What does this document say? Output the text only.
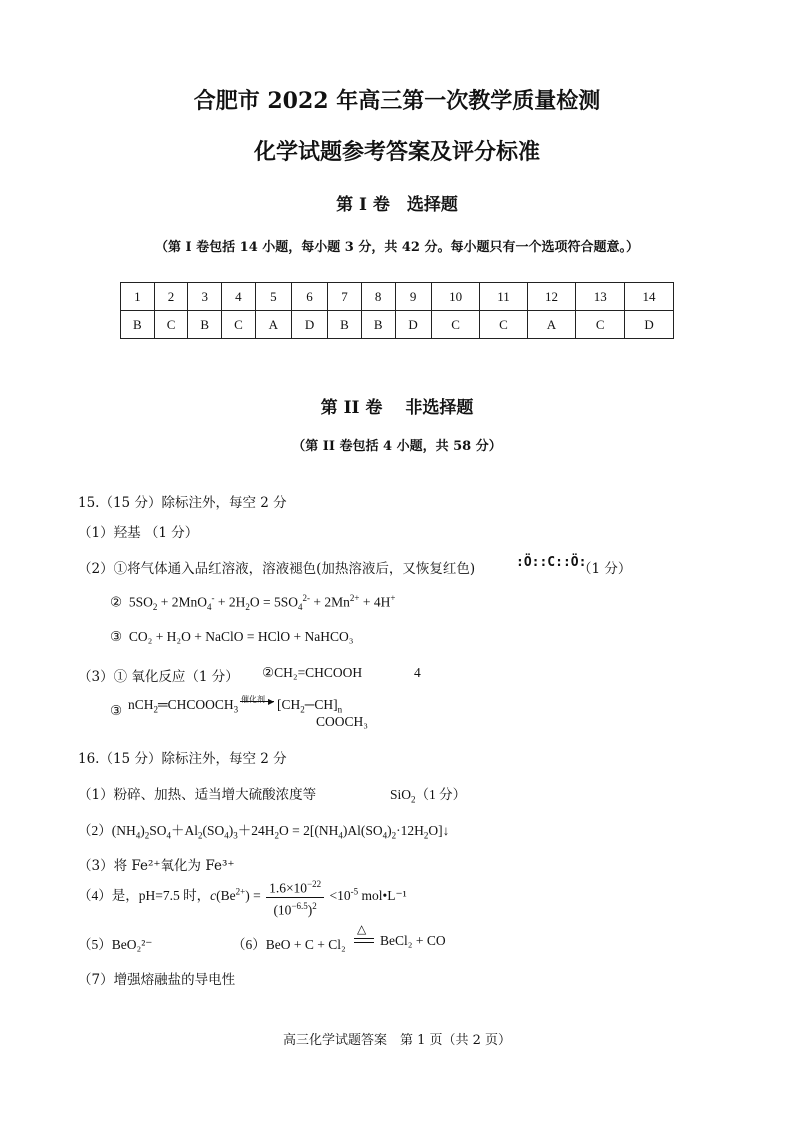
合肥市 2022 年高三第一次教学质量检测
化学试题参考答案及评分标准
第 I 卷　选择题
（第 I 卷包括 14 小题，每小题 3 分，共 42 分。每小题只有一个选项符合题意。）
1	2	3	4	5	6	7	8	9	10	11	12	13	14
B	C	B	C	A	D	B	B	D	C	C	A	C	D
第 II 卷　 非选择题
（第 II 卷包括 4 小题，共 58 分）
15.（15 分）除标注外，每空 2 分
（1）羟基 （1 分）
（2）①将气体通入品红溶液，溶液褪色(加热溶液后，又恢复红色)	:Ö::C::Ö:
（1 分）
②  $5SO_2 + 2MnO_4^- + 2H_2O = 5SO_4^{2-} + 2Mn^{2+} + 4H^+$
③ CO₂ + H₂O + NaClO = HClO + NaHCO₃
（3）① 氧化反应（1 分） ②CH₂=CHCOOH	4
③ $nCH_2═CHCOOCH_3$
催化剂 ▶ $[CH_2─CH]_n$
COOCH₃
16.（15 分）除标注外，每空 2 分
（1）粉碎、加热、适当增大硫酸浓度等	SiO$_2$（1 分）
$(2)(NH_4)_2SO_4+Al_2(SO_4)_3+24H_2O$ = $2[(NH_4)Al(SO_4)_2\cdot 12H_2O]↓$
（3）将 Fe²⁺氧化为 Fe³⁺
（4）是，pH=7.5 时，$c(Be^{2+}) = \frac{1.6\times 10^{-22}}{(10^{-6.5})^2} <10^{-5}$ mol•L⁻¹
（5）BeO₂²⁻	（6）BeO + C + Cl₂
△
BeCl₂ + CO
（7）增强熔融盐的导电性
高三化学试题答案　第 1 页（共 2 页）
